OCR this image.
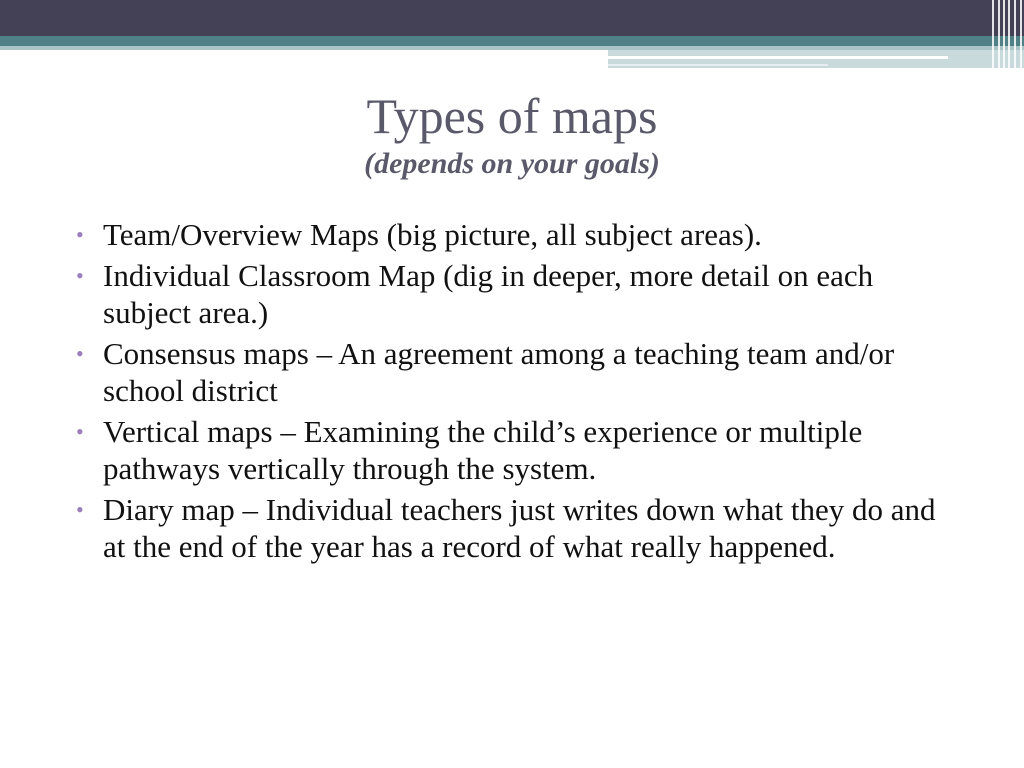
Types of maps
(depends on your goals)
• Team/Overview Maps (big picture, all subject areas).
• Individual Classroom Map (dig in deeper, more detail on each subject area.)
• Consensus maps – An agreement among a teaching team and/or school district
• Vertical maps – Examining the child’s experience or multiple pathways vertically through the system.
• Diary map – Individual teachers just writes down what they do and at the end of the year has a record of what really happened.
